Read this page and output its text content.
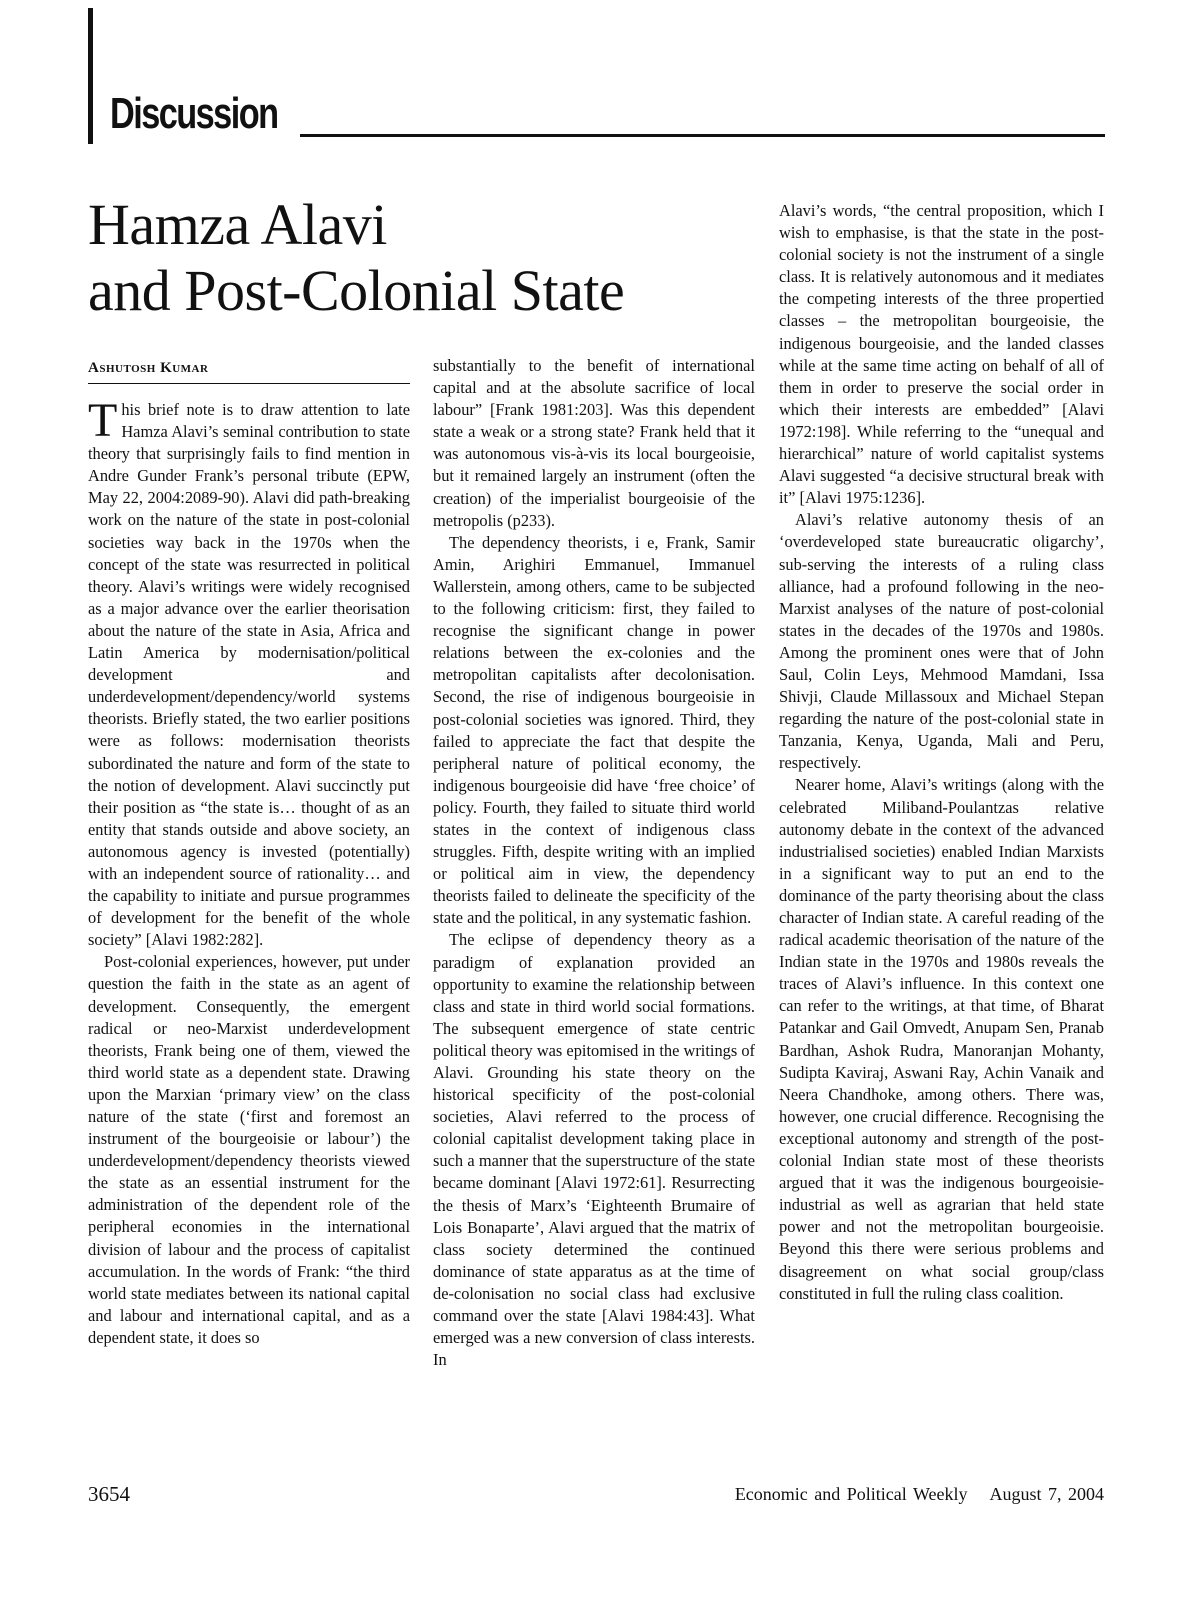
Discussion
Hamza Alavi
and Post-Colonial State
Ashutosh Kumar

This brief note is to draw attention to late Hamza Alavi’s seminal contribution to state theory that surprisingly fails to find mention in Andre Gunder Frank’s personal tribute (EPW, May 22, 2004:2089-90). Alavi did path-breaking work on the nature of the state in post-colonial societies way back in the 1970s when the concept of the state was resurrected in political theory. Alavi’s writings were widely recognised as a major advance over the earlier theorisation about the nature of the state in Asia, Africa and Latin America by modernisation/political development and underdevelopment/dependency/world systems theorists. Briefly stated, the two earlier positions were as follows: modernisation theorists subordinated the nature and form of the state to the notion of development. Alavi succinctly put their position as “the state is… thought of as an entity that stands outside and above society, an autonomous agency is invested (potentially) with an independent source of rationality… and the capability to initiate and pursue programmes of development for the benefit of the whole society” [Alavi 1982:282].

Post-colonial experiences, however, put under question the faith in the state as an agent of development. Consequently, the emergent radical or neo-Marxist underdevelopment theorists, Frank being one of them, viewed the third world state as a dependent state. Drawing upon the Marxian ‘primary view’ on the class nature of the state (‘first and foremost an instrument of the bourgeoisie or labour’) the underdevelopment/dependency theorists viewed the state as an essential instrument for the administration of the dependent role of the peripheral economies in the international division of labour and the process of capitalist accumulation. In the words of Frank: “the third world state mediates between its national capital and labour and international capital, and as a dependent state, it does so

substantially to the benefit of international capital and at the absolute sacrifice of local labour” [Frank 1981:203]. Was this dependent state a weak or a strong state? Frank held that it was autonomous vis-à-vis its local bourgeoisie, but it remained largely an instrument (often the creation) of the imperialist bourgeoisie of the metropolis (p233).

The dependency theorists, i e, Frank, Samir Amin, Arighiri Emmanuel, Immanuel Wallerstein, among others, came to be subjected to the following criticism: first, they failed to recognise the significant change in power relations between the ex-colonies and the metropolitan capitalists after decolonisation. Second, the rise of indigenous bourgeoisie in post-colonial societies was ignored. Third, they failed to appreciate the fact that despite the peripheral nature of political economy, the indigenous bourgeoisie did have ‘free choice’ of policy. Fourth, they failed to situate third world states in the context of indigenous class struggles. Fifth, despite writing with an implied or political aim in view, the dependency theorists failed to delineate the specificity of the state and the political, in any systematic fashion.

The eclipse of dependency theory as a paradigm of explanation provided an opportunity to examine the relationship between class and state in third world social formations. The subsequent emergence of state centric political theory was epitomised in the writings of Alavi. Grounding his state theory on the historical specificity of the post-colonial societies, Alavi referred to the process of colonial capitalist development taking place in such a manner that the superstructure of the state became dominant [Alavi 1972:61]. Resurrecting the thesis of Marx’s ‘Eighteenth Brumaire of Lois Bonaparte’, Alavi argued that the matrix of class society determined the continued dominance of state apparatus as at the time of de-colonisation no social class had exclusive command over the state [Alavi 1984:43]. What emerged was a new conversion of class interests. In

Alavi’s words, “the central proposition, which I wish to emphasise, is that the state in the post-colonial society is not the instrument of a single class. It is relatively autonomous and it mediates the competing interests of the three propertied classes – the metropolitan bourgeoisie, the indigenous bourgeoisie, and the landed classes while at the same time acting on behalf of all of them in order to preserve the social order in which their interests are embedded” [Alavi 1972:198]. While referring to the “unequal and hierarchical” nature of world capitalist systems Alavi suggested “a decisive structural break with it” [Alavi 1975:1236].

Alavi’s relative autonomy thesis of an ‘overdeveloped state bureaucratic oligarchy’, sub-serving the interests of a ruling class alliance, had a profound following in the neo-Marxist analyses of the nature of post-colonial states in the decades of the 1970s and 1980s. Among the prominent ones were that of John Saul, Colin Leys, Mehmood Mamdani, Issa Shivji, Claude Millassoux and Michael Stepan regarding the nature of the post-colonial state in Tanzania, Kenya, Uganda, Mali and Peru, respectively.

Nearer home, Alavi’s writings (along with the celebrated Miliband-Poulantzas relative autonomy debate in the context of the advanced industrialised societies) enabled Indian Marxists in a significant way to put an end to the dominance of the party theorising about the class character of Indian state. A careful reading of the radical academic theorisation of the nature of the Indian state in the 1970s and 1980s reveals the traces of Alavi’s influence. In this context one can refer to the writings, at that time, of Bharat Patankar and Gail Omvedt, Anupam Sen, Pranab Bardhan, Ashok Rudra, Manoranjan Mohanty, Sudipta Kaviraj, Aswani Ray, Achin Vanaik and Neera Chandhoke, among others. There was, however, one crucial difference. Recognising the exceptional autonomy and strength of the post-colonial Indian state most of these theorists argued that it was the indigenous bourgeoisie-industrial as well as agrarian that held state power and not the metropolitan bourgeoisie. Beyond this there were serious problems and disagreement on what social group/class constituted in full the ruling class coalition.

3654	Economic and Political Weekly August 7, 2004
